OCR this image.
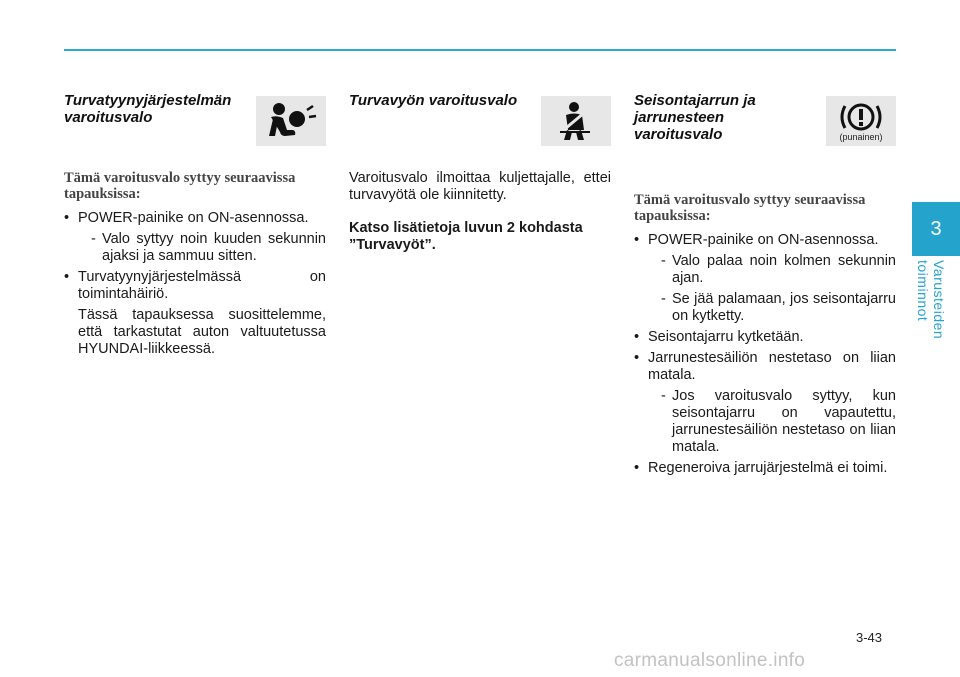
Turvatyynyjärjestelmän varoitusvalo
Tämä varoitusvalo syttyy seuraavissa tapauksissa:
• POWER-painike on ON-asennossa.
- Valo syttyy noin kuuden sekunnin ajaksi ja sammuu sitten.
• Turvatyynyjärjestelmässä on toimintahäiriö.
Tässä tapauksessa suosittelemme, että tarkastutat auton valtuutetussa HYUNDAI-liikkeessä.
Turvavyön varoitusvalo
Varoitusvalo ilmoittaa kuljettajalle, ettei turvavyötä ole kiinnitetty.
Katso lisätietoja luvun 2 kohdasta ”Turvavyöt”.
Seisontajarrun ja jarrunesteen varoitusvalo	(punainen)
Tämä varoitusvalo syttyy seuraavissa tapauksissa:
• POWER-painike on ON-asennossa.
- Valo palaa noin kolmen sekunnin ajan.
- Se jää palamaan, jos seisontajarru on kytketty.
• Seisontajarru kytketään.
• Jarrunestesäiliön nestetaso on liian matala.
- Jos varoitusvalo syttyy, kun seisontajarru on vapautettu, jarrunestesäiliön nestetaso on liian matala.
• Regeneroiva jarrujärjestelmä ei toimi.
3
Varusteiden toiminnot
3-43
carmanualsonline.info
